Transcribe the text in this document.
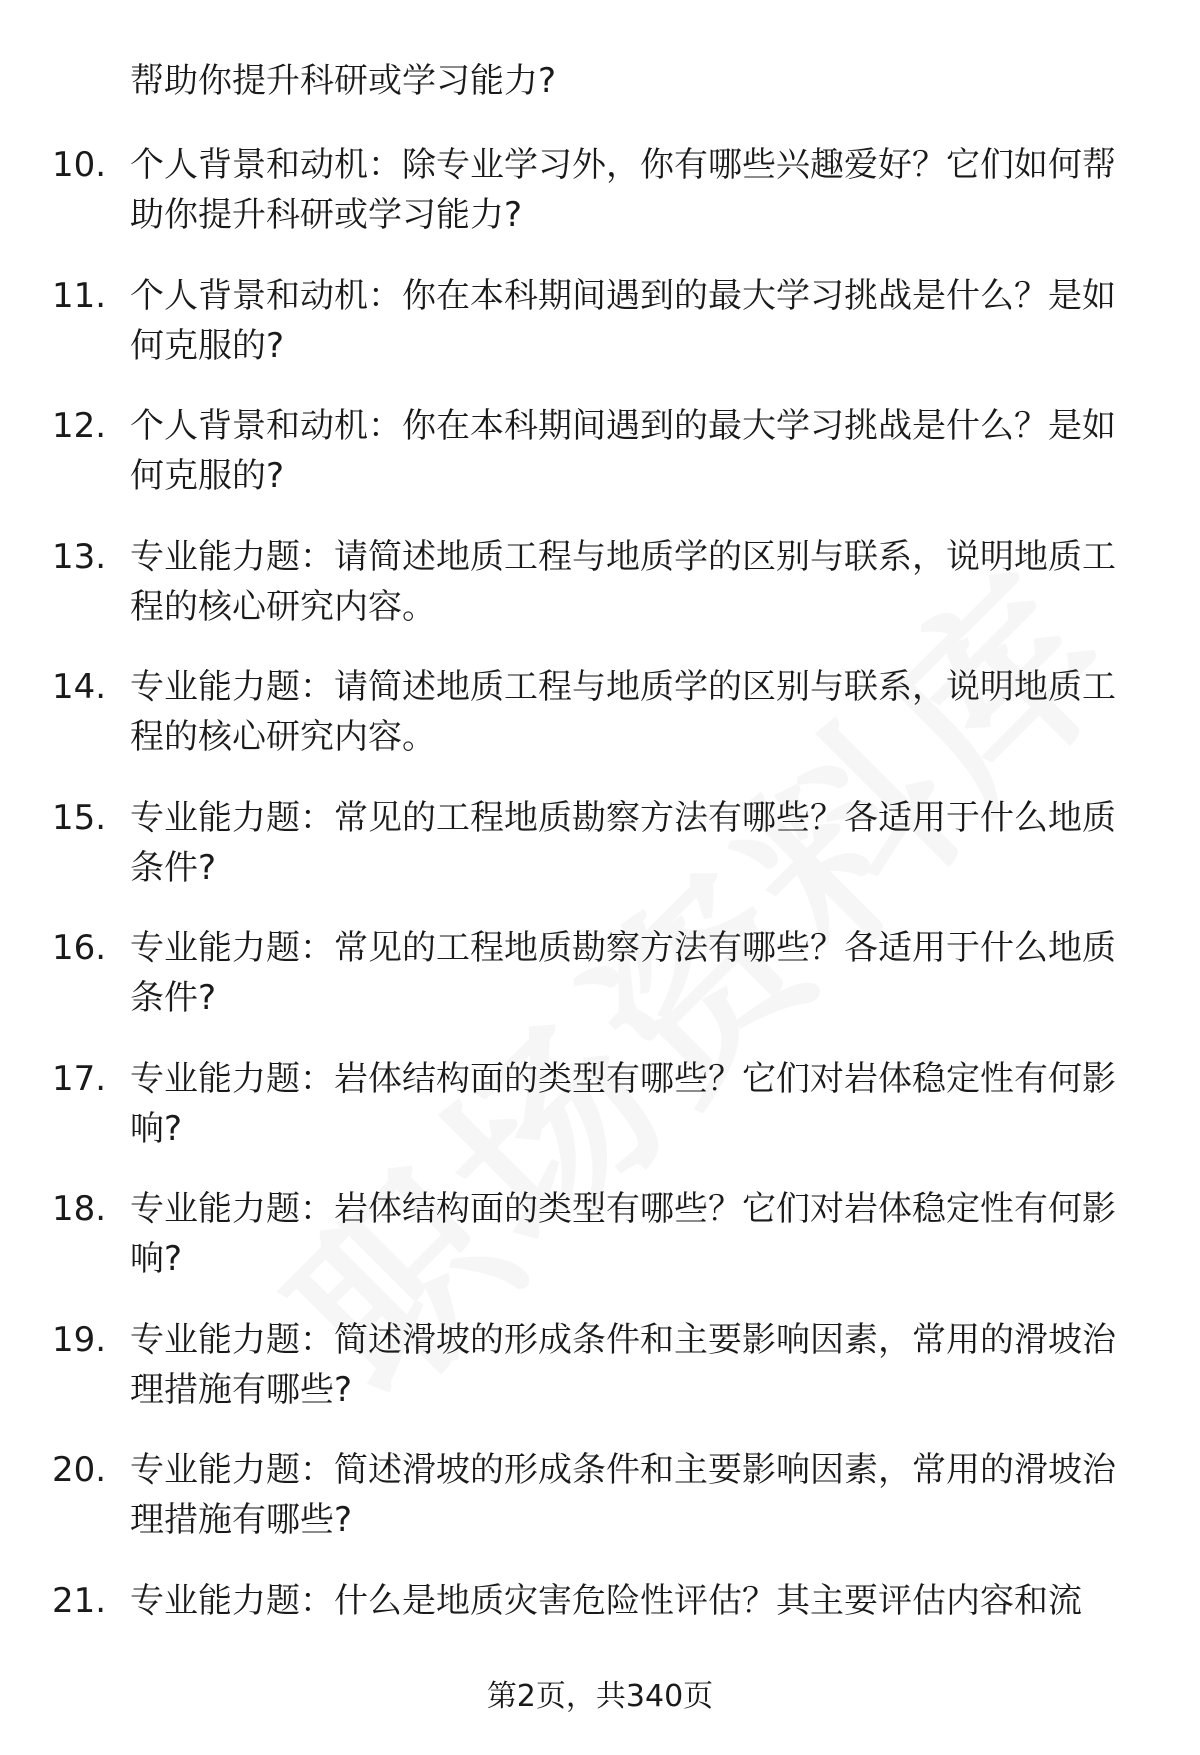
帮助你提升科研或学习能力?
10. 个人背景和动机：除专业学习外，你有哪些兴趣爱好？它们如何帮助你提升科研或学习能力?
11. 个人背景和动机：你在本科期间遇到的最大学习挑战是什么？是如何克服的?
12. 个人背景和动机：你在本科期间遇到的最大学习挑战是什么？是如何克服的?
13. 专业能力题：请简述地质工程与地质学的区别与联系，说明地质工程的核心研究内容。
14. 专业能力题：请简述地质工程与地质学的区别与联系，说明地质工程的核心研究内容。
15. 专业能力题：常见的工程地质勘察方法有哪些？各适用于什么地质条件?
16. 专业能力题：常见的工程地质勘察方法有哪些？各适用于什么地质条件?
17. 专业能力题：岩体结构面的类型有哪些？它们对岩体稳定性有何影响?
18. 专业能力题：岩体结构面的类型有哪些？它们对岩体稳定性有何影响?
19. 专业能力题：简述滑坡的形成条件和主要影响因素，常用的滑坡治理措施有哪些?
20. 专业能力题：简述滑坡的形成条件和主要影响因素，常用的滑坡治理措施有哪些?
21. 专业能力题：什么是地质灾害危险性评估？其主要评估内容和流
第2页，共340页
